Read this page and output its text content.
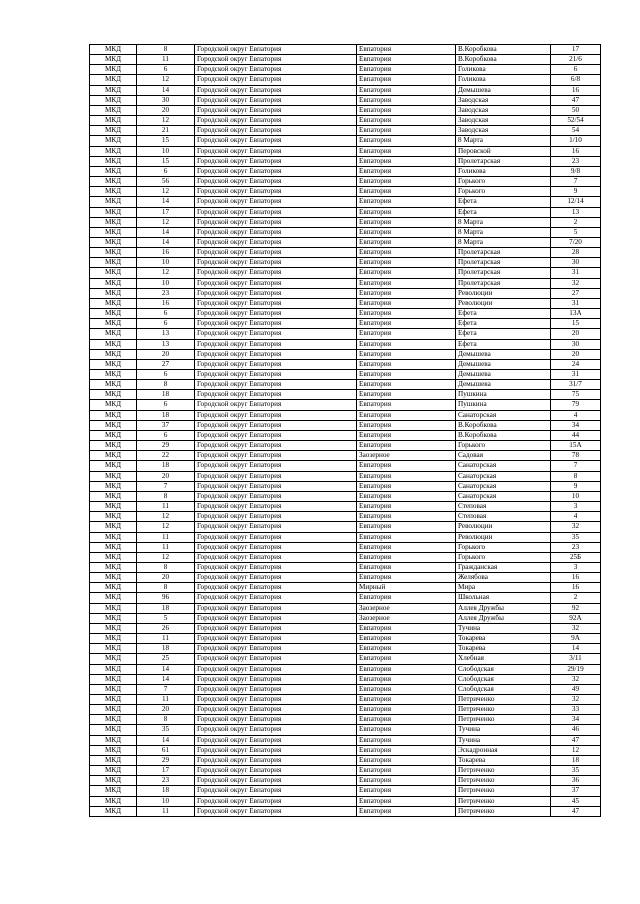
МКД	8	Городской округ Евпатория	Евпатория	В.Коробкова	17
МКД	11	Городской округ Евпатория	Евпатория	В.Коробкова	21/6
МКД	6	Городской округ Евпатория	Евпатория	Голикова	6
МКД	12	Городской округ Евпатория	Евпатория	Голикова	6/8
МКД	14	Городской округ Евпатория	Евпатория	Демышева	16
МКД	30	Городской округ Евпатория	Евпатория	Заводская	47
МКД	20	Городской округ Евпатория	Евпатория	Заводская	50
МКД	12	Городской округ Евпатория	Евпатория	Заводская	52/54
МКД	21	Городской округ Евпатория	Евпатория	Заводская	54
МКД	15	Городской округ Евпатория	Евпатория	8 Марта	1/10
МКД	10	Городской округ Евпатория	Евпатория	Перовской	16
МКД	15	Городской округ Евпатория	Евпатория	Пролетарская	23
МКД	6	Городской округ Евпатория	Евпатория	Голикова	9/8
МКД	56	Городской округ Евпатория	Евпатория	Горького	7
МКД	12	Городской округ Евпатория	Евпатория	Горького	9
МКД	14	Городской округ Евпатория	Евпатория	Ефета	12/14
МКД	17	Городской округ Евпатория	Евпатория	Ефета	13
МКД	12	Городской округ Евпатория	Евпатория	8 Марта	2
МКД	14	Городской округ Евпатория	Евпатория	8 Марта	5
МКД	14	Городской округ Евпатория	Евпатория	8 Марта	7/20
МКД	16	Городской округ Евпатория	Евпатория	Пролетарская	28
МКД	10	Городской округ Евпатория	Евпатория	Пролетарская	30
МКД	12	Городской округ Евпатория	Евпатория	Пролетарская	31
МКД	10	Городской округ Евпатория	Евпатория	Пролетарская	32
МКД	23	Городской округ Евпатория	Евпатория	Революции	27
МКД	16	Городской округ Евпатория	Евпатория	Революции	31
МКД	6	Городской округ Евпатория	Евпатория	Ефета	13А
МКД	6	Городской округ Евпатория	Евпатория	Ефета	15
МКД	13	Городской округ Евпатория	Евпатория	Ефета	20
МКД	13	Городской округ Евпатория	Евпатория	Ефета	30
МКД	20	Городской округ Евпатория	Евпатория	Демышева	20
МКД	27	Городской округ Евпатория	Евпатория	Демышева	24
МКД	6	Городской округ Евпатория	Евпатория	Демышева	31
МКД	8	Городской округ Евпатория	Евпатория	Демышева	31/7
МКД	18	Городской округ Евпатория	Евпатория	Пушкина	75
МКД	6	Городской округ Евпатория	Евпатория	Пушкина	79
МКД	18	Городской округ Евпатория	Евпатория	Санаторская	4
МКД	37	Городской округ Евпатория	Евпатория	В.Коробкова	34
МКД	6	Городской округ Евпатория	Евпатория	В.Коробкова	44
МКД	29	Городской округ Евпатория	Евпатория	Горького	15А
МКД	22	Городской округ Евпатория	Заозерное	Садовая	78
МКД	18	Городской округ Евпатория	Евпатория	Санаторская	7
МКД	20	Городской округ Евпатория	Евпатория	Санаторская	8
МКД	7	Городской округ Евпатория	Евпатория	Санаторская	9
МКД	8	Городской округ Евпатория	Евпатория	Санаторская	10
МКД	11	Городской округ Евпатория	Евпатория	Степовая	3
МКД	12	Городской округ Евпатория	Евпатория	Степовая	4
МКД	12	Городской округ Евпатория	Евпатория	Революции	32
МКД	11	Городской округ Евпатория	Евпатория	Революции	35
МКД	11	Городской округ Евпатория	Евпатория	Горького	23
МКД	12	Городской округ Евпатория	Евпатория	Горького	25Б
МКД	8	Городской округ Евпатория	Евпатория	Гражданская	3
МКД	20	Городской округ Евпатория	Евпатория	Желябова	16
МКД	8	Городской округ Евпатория	Мирный	Мира	16
МКД	96	Городской округ Евпатория	Евпатория	Школьная	2
МКД	18	Городской округ Евпатория	Заозерное	Аллея Дружбы	92
МКД	5	Городской округ Евпатория	Заозерное	Аллея Дружбы	92А
МКД	26	Городской округ Евпатория	Евпатория	Тучина	32
МКД	11	Городской округ Евпатория	Евпатория	Токарева	9А
МКД	18	Городской округ Евпатория	Евпатория	Токарева	14
МКД	25	Городской округ Евпатория	Евпатория	Хлебная	3/11
МКД	14	Городской округ Евпатория	Евпатория	Слободская	29/19
МКД	14	Городской округ Евпатория	Евпатория	Слободская	32
МКД	7	Городской округ Евпатория	Евпатория	Слободская	49
МКД	11	Городской округ Евпатория	Евпатория	Петриченко	32
МКД	20	Городской округ Евпатория	Евпатория	Петриченко	33
МКД	8	Городской округ Евпатория	Евпатория	Петриченко	34
МКД	35	Городской округ Евпатория	Евпатория	Тучина	46
МКД	14	Городской округ Евпатория	Евпатория	Тучина	47
МКД	61	Городской округ Евпатория	Евпатория	Эскадронная	12
МКД	29	Городской округ Евпатория	Евпатория	Токарева	18
МКД	17	Городской округ Евпатория	Евпатория	Петриченко	35
МКД	23	Городской округ Евпатория	Евпатория	Петриченко	36
МКД	18	Городской округ Евпатория	Евпатория	Петриченко	37
МКД	10	Городской округ Евпатория	Евпатория	Петриченко	45
МКД	11	Городской округ Евпатория	Евпатория	Петриченко	47
